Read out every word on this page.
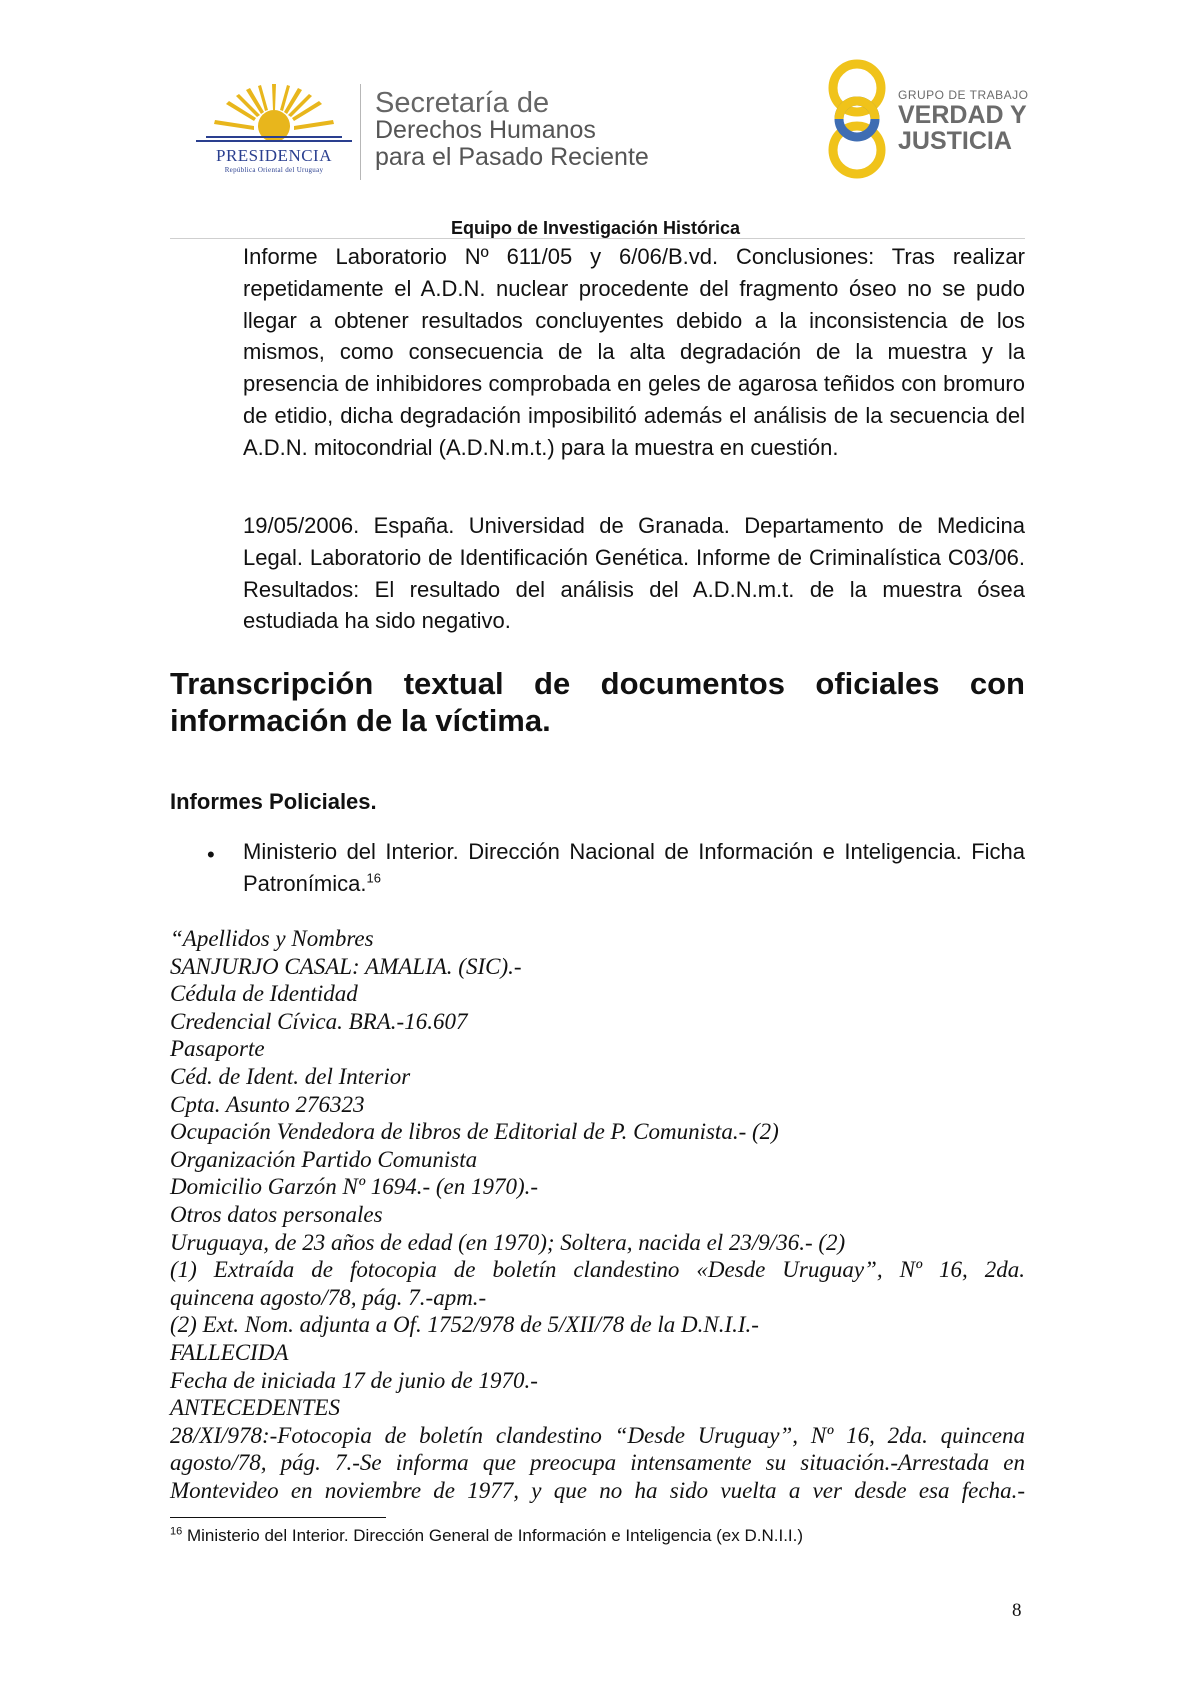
PRESIDENCIA
República Oriental del Uruguay
Secretaría de
Derechos Humanos
para el Pasado Reciente
GRUPO DE TRABAJO
VERDAD Y
JUSTICIA
Equipo de Investigación Histórica
Informe Laboratorio Nº 611/05 y 6/06/B.vd. Conclusiones: Tras realizar repetidamente el A.D.N. nuclear procedente del fragmento óseo no se pudo llegar a obtener resultados concluyentes debido a la inconsistencia de los mismos, como consecuencia de la alta degradación de la muestra y la presencia de inhibidores comprobada en geles de agarosa teñidos con bromuro de etidio, dicha degradación imposibilitó además el análisis de la secuencia del A.D.N. mitocondrial (A.D.N.m.t.) para la muestra en cuestión.
19/05/2006. España. Universidad de Granada. Departamento de Medicina Legal. Laboratorio de Identificación Genética. Informe de Criminalística C03/06. Resultados: El resultado del análisis del A.D.N.m.t. de la muestra ósea estudiada ha sido negativo.
Transcripción textual de documentos oficiales con información de la víctima.
Informes Policiales.
• Ministerio del Interior. Dirección Nacional de Información e Inteligencia. Ficha Patronímica.$^{16}$
“Apellidos y Nombres
SANJURJO CASAL: AMALIA. (SIC).-
Cédula de Identidad
Credencial Cívica. BRA.-16.607
Pasaporte
Céd. de Ident. del Interior
Cpta. Asunto 276323
Ocupación Vendedora de libros de Editorial de P. Comunista.- (2)
Organización Partido Comunista
Domicilio Garzón Nº 1694.- (en 1970).-
Otros datos personales
Uruguaya, de 23 años de edad (en 1970); Soltera, nacida el 23/9/36.- (2)
(1) Extraída de fotocopia de boletín clandestino «Desde Uruguay”, Nº 16, 2da.
quincena agosto/78, pág. 7.-apm.-
(2) Ext. Nom. adjunta a Of. 1752/978 de 5/XII/78 de la D.N.I.I.-
FALLECIDA
Fecha de iniciada 17 de junio de 1970.-
ANTECEDENTES
28/XI/978:-Fotocopia de boletín clandestino “Desde Uruguay”, Nº 16, 2da. quincena
agosto/78, pág. 7.-Se informa que preocupa intensamente su situación.-Arrestada en
Montevideo en noviembre de 1977, y que no ha sido vuelta a ver desde esa fecha.-
$^{16}$ Ministerio del Interior. Dirección General de Información e Inteligencia (ex D.N.I.I.)
8
